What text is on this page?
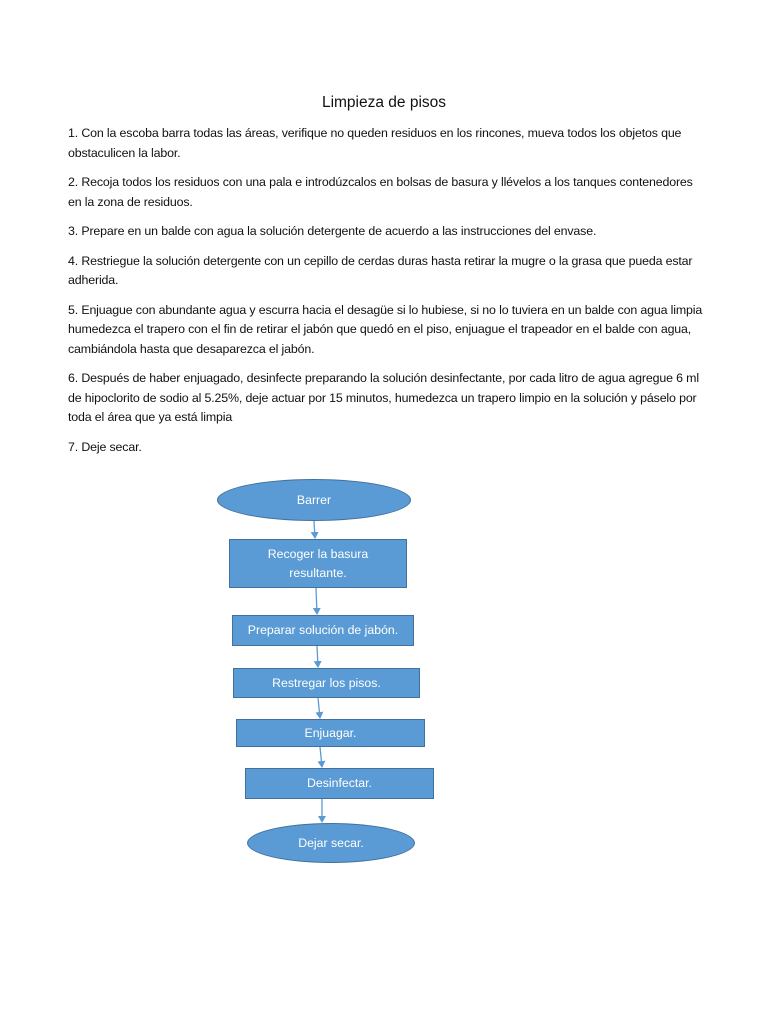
Limpieza de pisos

1. Con la escoba barra todas las áreas, verifique no queden residuos en los rincones, mueva todos los objetos que obstaculicen la labor.

2. Recoja todos los residuos con una pala e introdúzcalos en bolsas de basura y llévelos a los tanques contenedores en la zona de residuos.

3. Prepare en un balde con agua la solución detergente de acuerdo a las instrucciones del envase.

4. Restriegue la solución detergente con un cepillo de cerdas duras hasta retirar la mugre o la grasa que pueda estar adherida.

5. Enjuague con abundante agua y escurra hacia el desagüe si lo hubiese, si no lo tuviera en un balde con agua limpia humedezca el trapero con el fin de retirar el jabón que quedó en el piso, enjuague el trapeador en el balde con agua, cambiándola hasta que desaparezca el jabón.

6. Después de haber enjuagado, desinfecte preparando la solución desinfectante, por cada litro de agua agregue 6 ml de hipoclorito de sodio al 5.25%, deje actuar por 15 minutos, humedezca un trapero limpio en la solución y páselo por toda el área que ya está limpia

7. Deje secar.

Barrer
Recoger la basura resultante.
Preparar solución de jabón.
Restregar los pisos.
Enjuagar.
Desinfectar.
Dejar secar.
